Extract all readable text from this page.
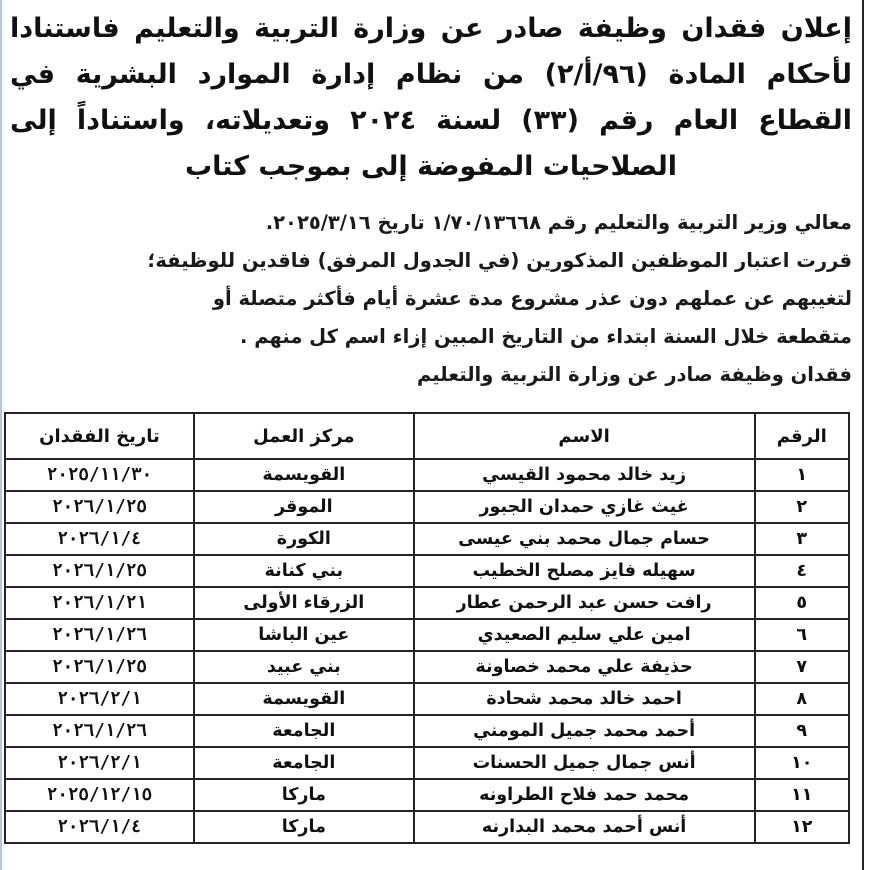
إعلان فقدان وظيفة صادر عن وزارة التربية والتعليم فاستنادا لأحكام المادة (٩٦/أ/٢) من نظام إدارة الموارد البشرية في القطاع العام رقم (٣٣) لسنة ٢٠٢٤ وتعديلاته، واستناداً إلى الصلاحيات المفوضة إلى بموجب كتاب

معالي وزير التربية والتعليم رقم ١/٧٠/١٣٦٦٨ تاريخ ٢٠٢٥/٣/١٦.

قررت اعتبار الموظفين المذكورين (في الجدول المرفق) فاقدين للوظيفة؛

لتغيبهم عن عملهم دون عذر مشروع مدة عشرة أيام فأكثر متصلة أو

متقطعة خلال السنة ابتداء من التاريخ المبين إزاء اسم كل منهم .

فقدان وظيفة صادر عن وزارة التربية والتعليم

الرقم	الاسم	مركز العمل	تاريخ الفقدان
١	زيد خالد محمود القيسي	القويسمة	٢٠٢٥/١١/٣٠
٢	غيث غازي حمدان الجبور	الموقر	٢٠٢٦/١/٢٥
٣	حسام جمال محمد بني عيسى	الكورة	٢٠٢٦/١/٤
٤	سهيله فايز مصلح الخطيب	بني كنانة	٢٠٢٦/١/٢٥
٥	رافت حسن عبد الرحمن عطار	الزرقاء الأولى	٢٠٢٦/١/٢١
٦	امين علي سليم الصعيدي	عين الباشا	٢٠٢٦/١/٢٦
٧	حذيفة علي محمد خصاونة	بني عبيد	٢٠٢٦/١/٢٥
٨	احمد خالد محمد شحادة	القويسمة	٢٠٢٦/٢/١
٩	أحمد محمد جميل المومني	الجامعة	٢٠٢٦/١/٢٦
١٠	أنس جمال جميل الحسنات	الجامعة	٢٠٢٦/٢/١
١١	محمد حمد فلاح الطراونه	ماركا	٢٠٢٥/١٢/١٥
١٢	أنس أحمد محمد البدارنه	ماركا	٢٠٢٦/١/٤
